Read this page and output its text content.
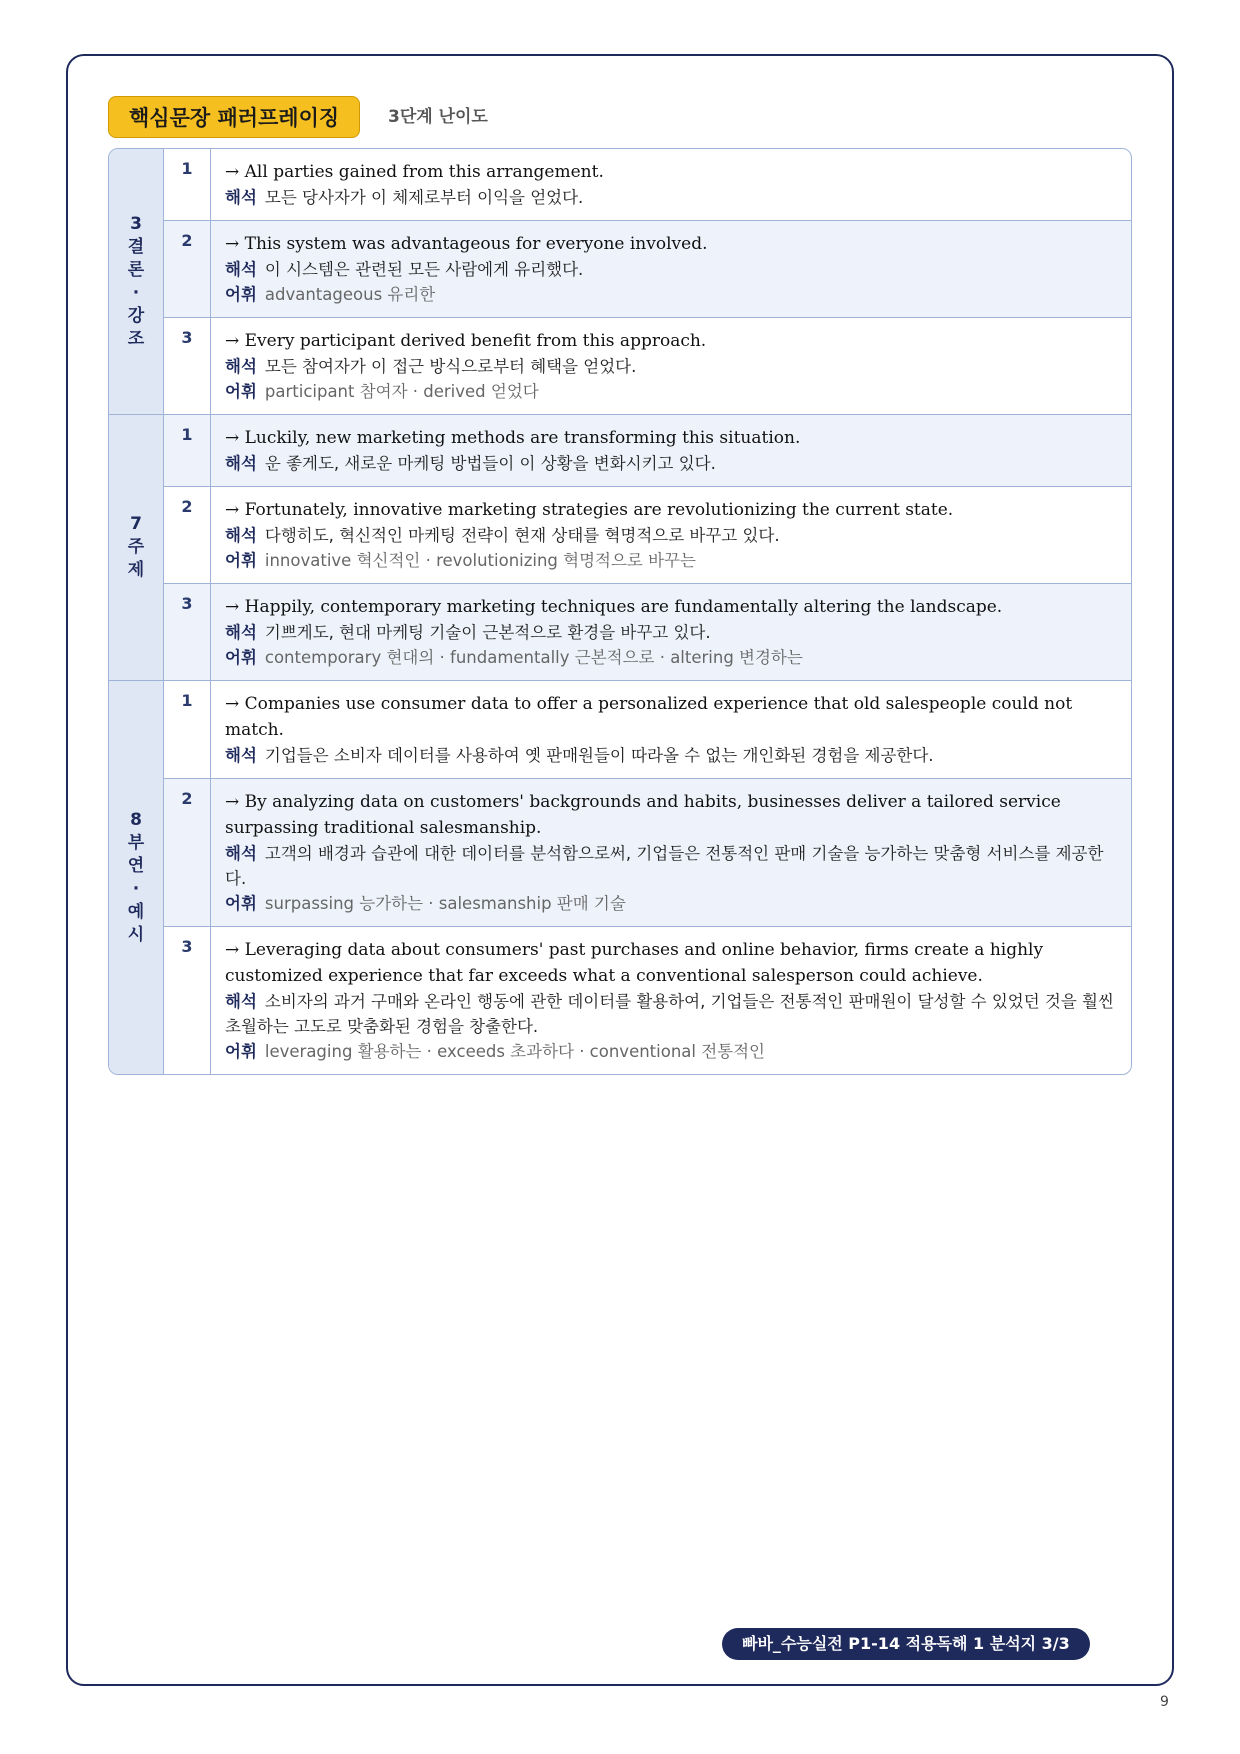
핵심문장 패러프레이징	3단계 난이도
3결론·강조
1	→ All parties gained from this arrangement.
해석 모든 당사자가 이 체제로부터 이익을 얻었다.
2	→ This system was advantageous for everyone involved.
해석 이 시스템은 관련된 모든 사람에게 유리했다.
어휘 advantageous 유리한
3	→ Every participant derived benefit from this approach.
해석 모든 참여자가 이 접근 방식으로부터 혜택을 얻었다.
어휘 participant 참여자 · derived 얻었다
7주제
1	→ Luckily, new marketing methods are transforming this situation.
해석 운 좋게도, 새로운 마케팅 방법들이 이 상황을 변화시키고 있다.
2	→ Fortunately, innovative marketing strategies are revolutionizing the current state.
해석 다행히도, 혁신적인 마케팅 전략이 현재 상태를 혁명적으로 바꾸고 있다.
어휘 innovative 혁신적인 · revolutionizing 혁명적으로 바꾸는
3	→ Happily, contemporary marketing techniques are fundamentally altering the landscape.
해석 기쁘게도, 현대 마케팅 기술이 근본적으로 환경을 바꾸고 있다.
어휘 contemporary 현대의 · fundamentally 근본적으로 · altering 변경하는
8부연·예시
1	→ Companies use consumer data to offer a personalized experience that old salespeople could not match.
해석 기업들은 소비자 데이터를 사용하여 옛 판매원들이 따라올 수 없는 개인화된 경험을 제공한다.
2	→ By analyzing data on customers' backgrounds and habits, businesses deliver a tailored service surpassing traditional salesmanship.
해석 고객의 배경과 습관에 대한 데이터를 분석함으로써, 기업들은 전통적인 판매 기술을 능가하는 맞춤형 서비스를 제공한다.
어휘 surpassing 능가하는 · salesmanship 판매 기술
3	→ Leveraging data about consumers' past purchases and online behavior, firms create a highly customized experience that far exceeds what a conventional salesperson could achieve.
해석 소비자의 과거 구매와 온라인 행동에 관한 데이터를 활용하여, 기업들은 전통적인 판매원이 달성할 수 있었던 것을 훨씬 초월하는 고도로 맞춤화된 경험을 창출한다.
어휘 leveraging 활용하는 · exceeds 초과하다 · conventional 전통적인
빠바_수능실전 P1-14 적용독해 1 분석지 3/3
9
